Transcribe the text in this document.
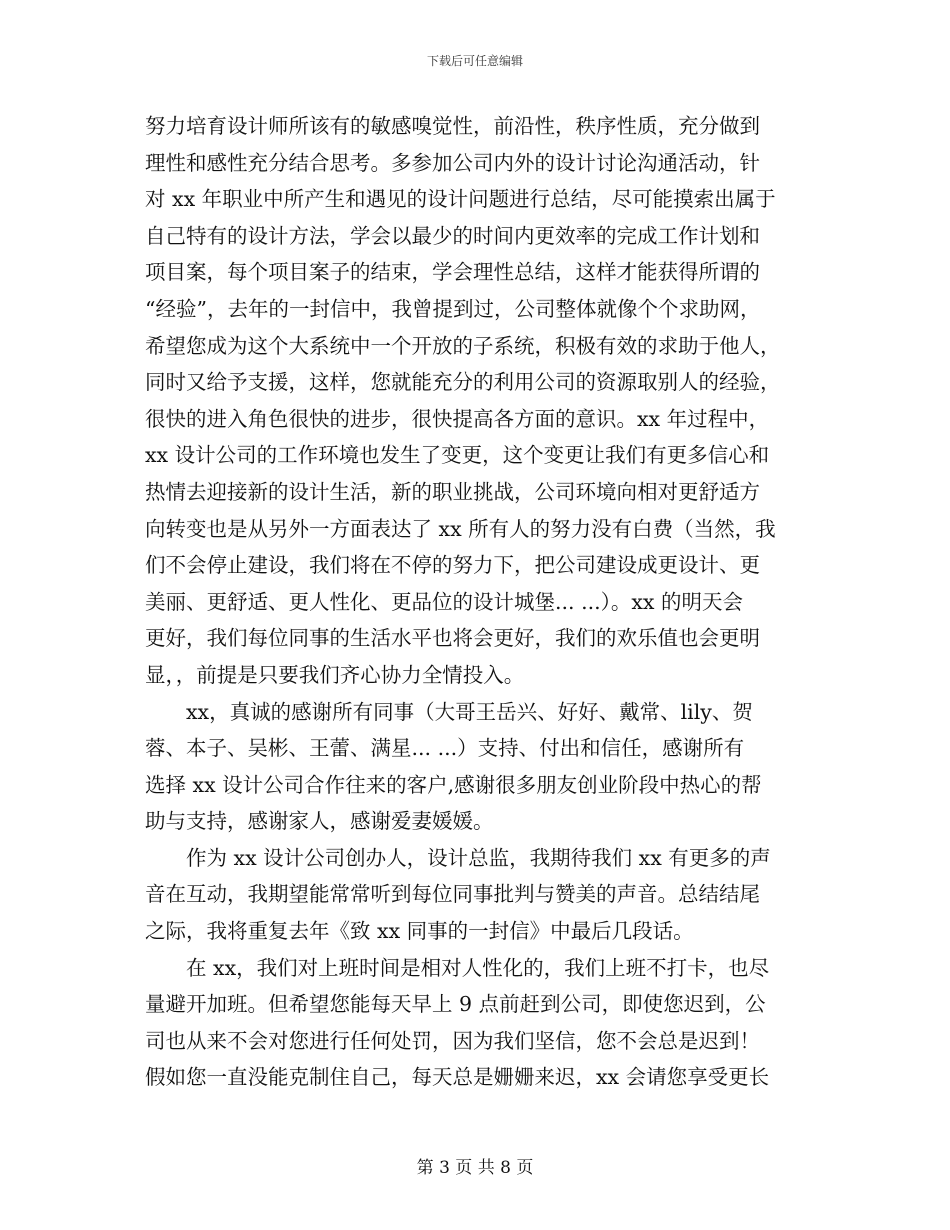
下载后可任意编辑
努力培育设计师所该有的敏感嗅觉性，前沿性，秩序性质，充分做到
理性和感性充分结合思考。多参加公司内外的设计讨论沟通活动，针
对 xx 年职业中所产生和遇见的设计问题进行总结，尽可能摸索出属于
自己特有的设计方法，学会以最少的时间内更效率的完成工作计划和
项目案，每个项目案子的结束，学会理性总结，这样才能获得所谓的
“经验”，去年的一封信中，我曾提到过，公司整体就像个个求助网，
希望您成为这个大系统中一个开放的子系统，积极有效的求助于他人，
同时又给予支援，这样，您就能充分的利用公司的资源取别人的经验，
很快的进入角色很快的进步，很快提高各方面的意识。xx 年过程中，
xx 设计公司的工作环境也发生了变更，这个变更让我们有更多信心和
热情去迎接新的设计生活，新的职业挑战，公司环境向相对更舒适方
向转变也是从另外一方面表达了 xx 所有人的努力没有白费（当然，我
们不会停止建设，我们将在不停的努力下，把公司建设成更设计、更
美丽、更舒适、更人性化、更品位的设计城堡... ...）。xx 的明天会
更好，我们每位同事的生活水平也将会更好，我们的欢乐值也会更明
显，，前提是只要我们齐心协力全情投入。
　　xx，真诚的感谢所有同事（大哥王岳兴、好好、戴常、lily、贺
蓉、本子、吴彬、王蕾、满星... ...）支持、付出和信任，感谢所有
选择 xx 设计公司合作往来的客户,感谢很多朋友创业阶段中热心的帮
助与支持，感谢家人，感谢爱妻媛媛。
　　作为 xx 设计公司创办人，设计总监，我期待我们 xx 有更多的声
音在互动，我期望能常常听到每位同事批判与赞美的声音。总结结尾
之际，我将重复去年《致 xx 同事的一封信》中最后几段话。
　　在 xx，我们对上班时间是相对人性化的，我们上班不打卡，也尽
量避开加班。但希望您能每天早上 9 点前赶到公司，即使您迟到，公
司也从来不会对您进行任何处罚，因为我们坚信，您不会总是迟到！
假如您一直没能克制住自己，每天总是姗姗来迟，xx 会请您享受更长
第 3 页 共 8 页
